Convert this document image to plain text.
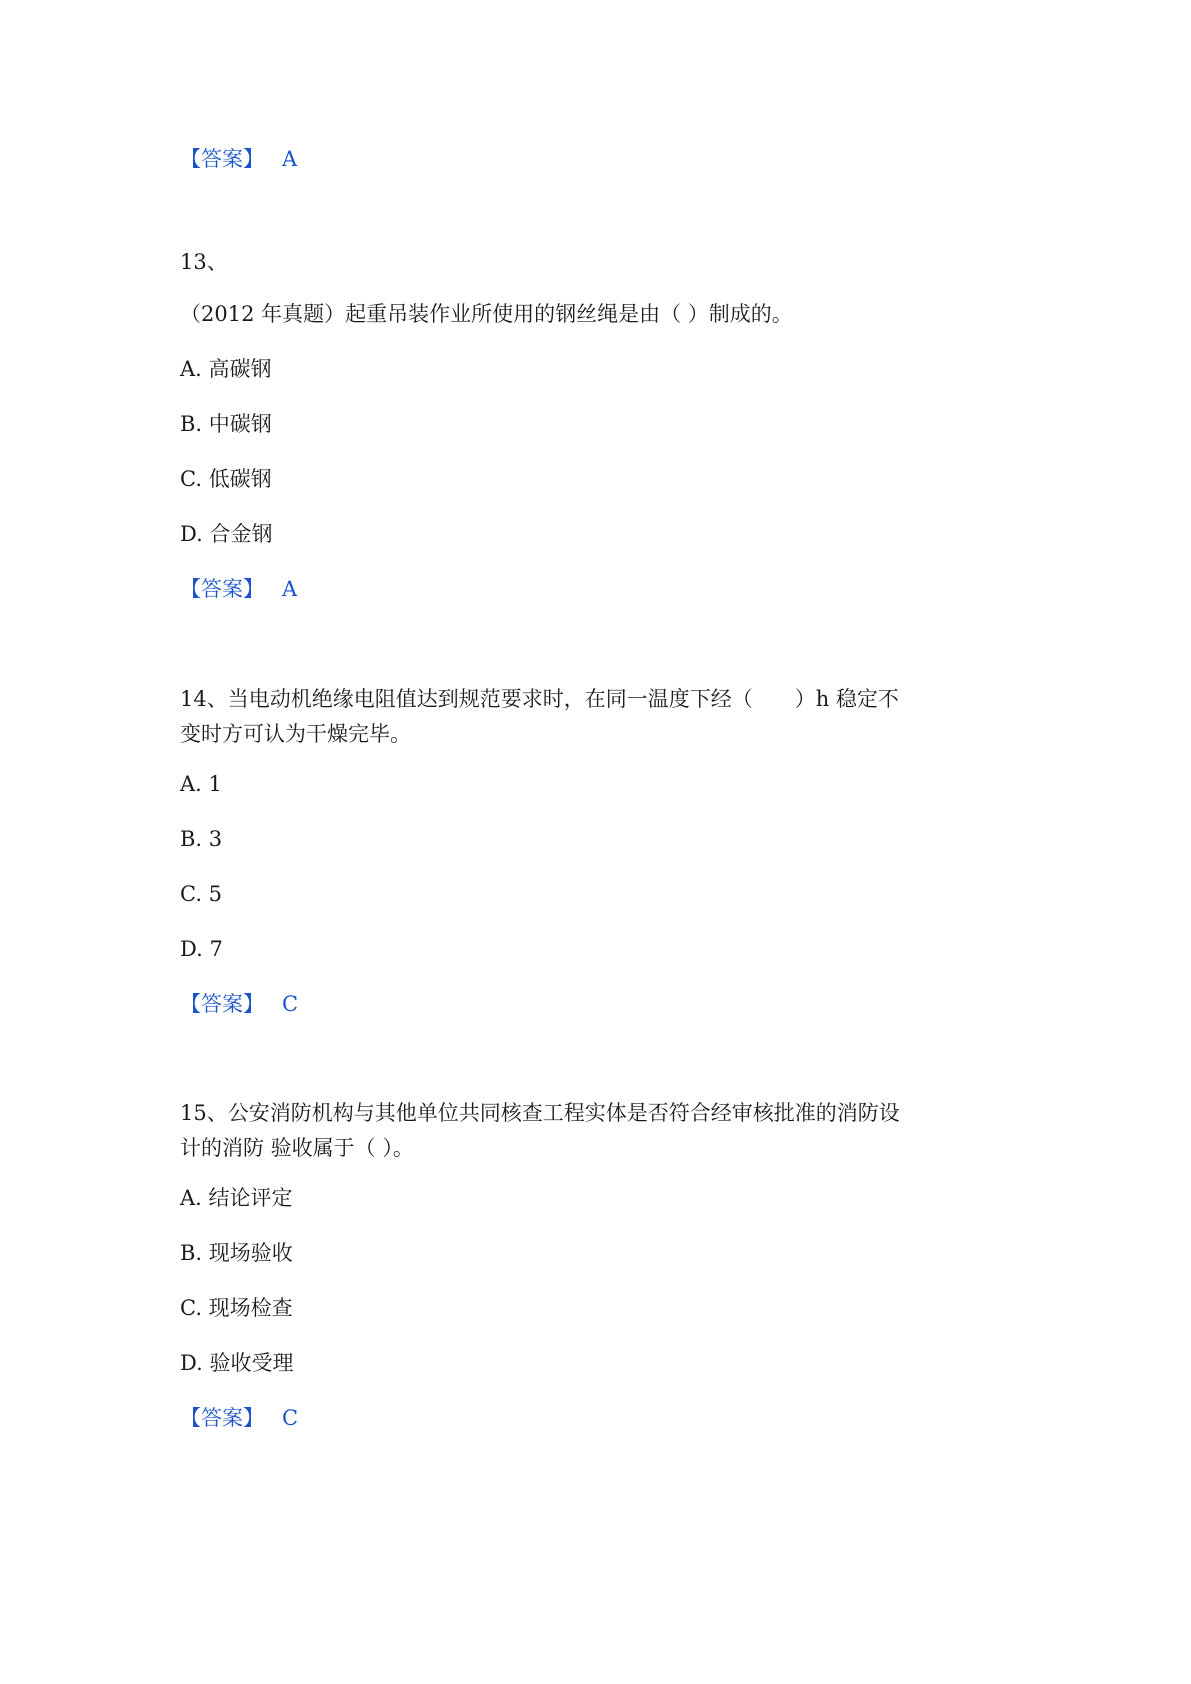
【答案】 A

13、

（2012 年真题）起重吊装作业所使用的钢丝绳是由（ ）制成的。

A. 高碳钢

B. 中碳钢

C. 低碳钢

D. 合金钢

【答案】 A

14、当电动机绝缘电阻值达到规范要求时，在同一温度下经（　　）h 稳定不

变时方可认为干燥完毕。

A. 1

B. 3

C. 5

D. 7

【答案】 C

15、公安消防机构与其他单位共同核查工程实体是否符合经审核批准的消防设

计的消防 验收属于（ ）。

A. 结论评定

B. 现场验收

C. 现场检查

D. 验收受理

【答案】 C
